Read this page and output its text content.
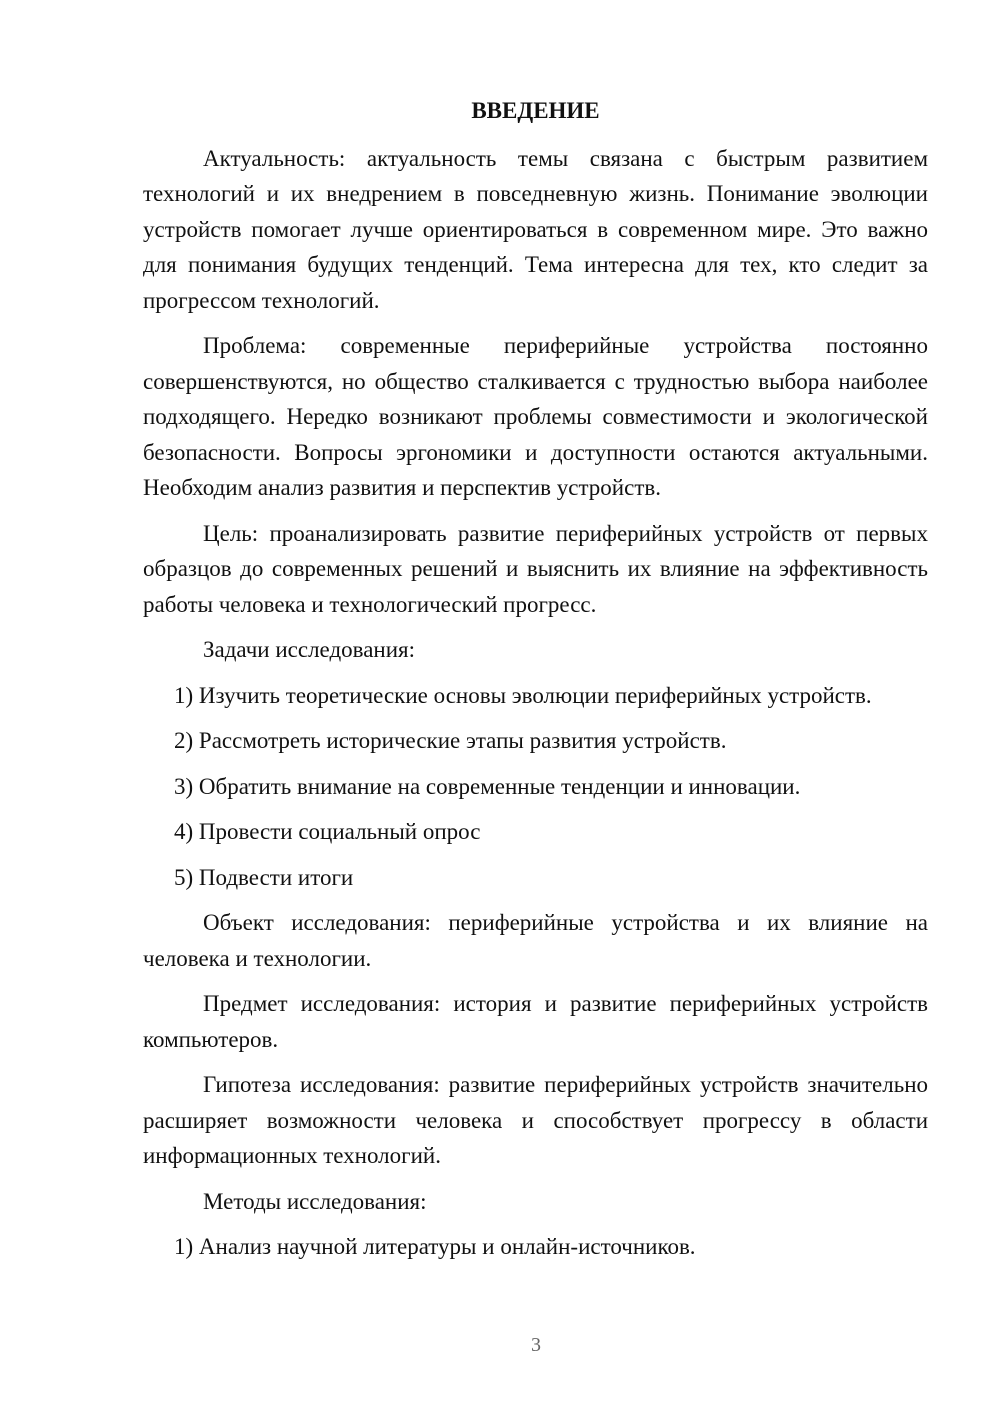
ВВЕДЕНИЕ

Актуальность: актуальность темы связана с быстрым развитием технологий и их внедрением в повседневную жизнь. Понимание эволюции устройств помогает лучше ориентироваться в современном мире. Это важно для понимания будущих тенденций. Тема интересна для тех, кто следит за прогрессом технологий.

Проблема: современные периферийные устройства постоянно совершенствуются, но общество сталкивается с трудностью выбора наиболее подходящего. Нередко возникают проблемы совместимости и экологической безопасности. Вопросы эргономики и доступности остаются актуальными. Необходим анализ развития и перспектив устройств.

Цель: проанализировать развитие периферийных устройств от первых образцов до современных решений и выяснить их влияние на эффективность работы человека и технологический прогресс.

Задачи исследования:

1) Изучить теоретические основы эволюции периферийных устройств.
2) Рассмотреть исторические этапы развития устройств.
3) Обратить внимание на современные тенденции и инновации.
4) Провести социальный опрос
5) Подвести итоги

Объект исследования: периферийные устройства и их влияние на человека и технологии.

Предмет исследования: история и развитие периферийных устройств компьютеров.

Гипотеза исследования: развитие периферийных устройств значительно расширяет возможности человека и способствует прогрессу в области информационных технологий.

Методы исследования:

1) Анализ научной литературы и онлайн-источников.
3
